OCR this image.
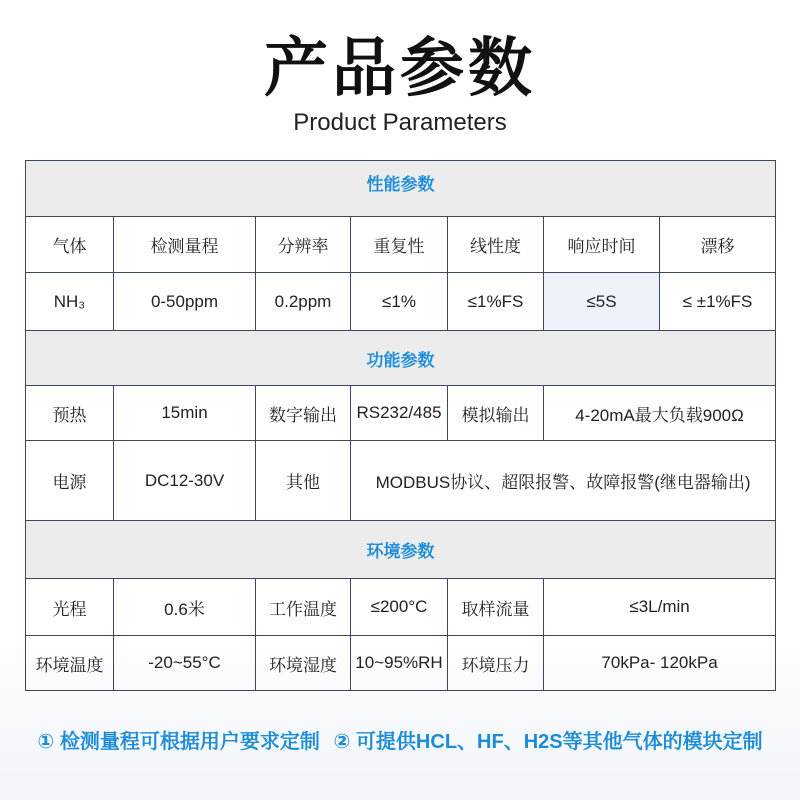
产品参数
Product Parameters
性能参数						
气体	检测量程	分辨率	重复性	线性度	响应时间	漂移
NH₃	0-50ppm	0.2ppm	≤1%	≤1%FS	≤5S	≤ ±1%FS
功能参数						
预热	15min	数字输出	RS232/485	模拟输出	4-20mA最大负载900Ω	
电源	DC12-30V	其他	MODBUS协议、超限报警、故障报警(继电器输出)			
环境参数						
光程	0.6米	工作温度	≤200°C	取样流量	≤3L/min	
环境温度	-20~55°C	环境湿度	10~95%RH	环境压力	70kPa- 120kPa	
① 检测量程可根据用户要求定制 ② 可提供HCL、HF、H2S等其他气体的模块定制
